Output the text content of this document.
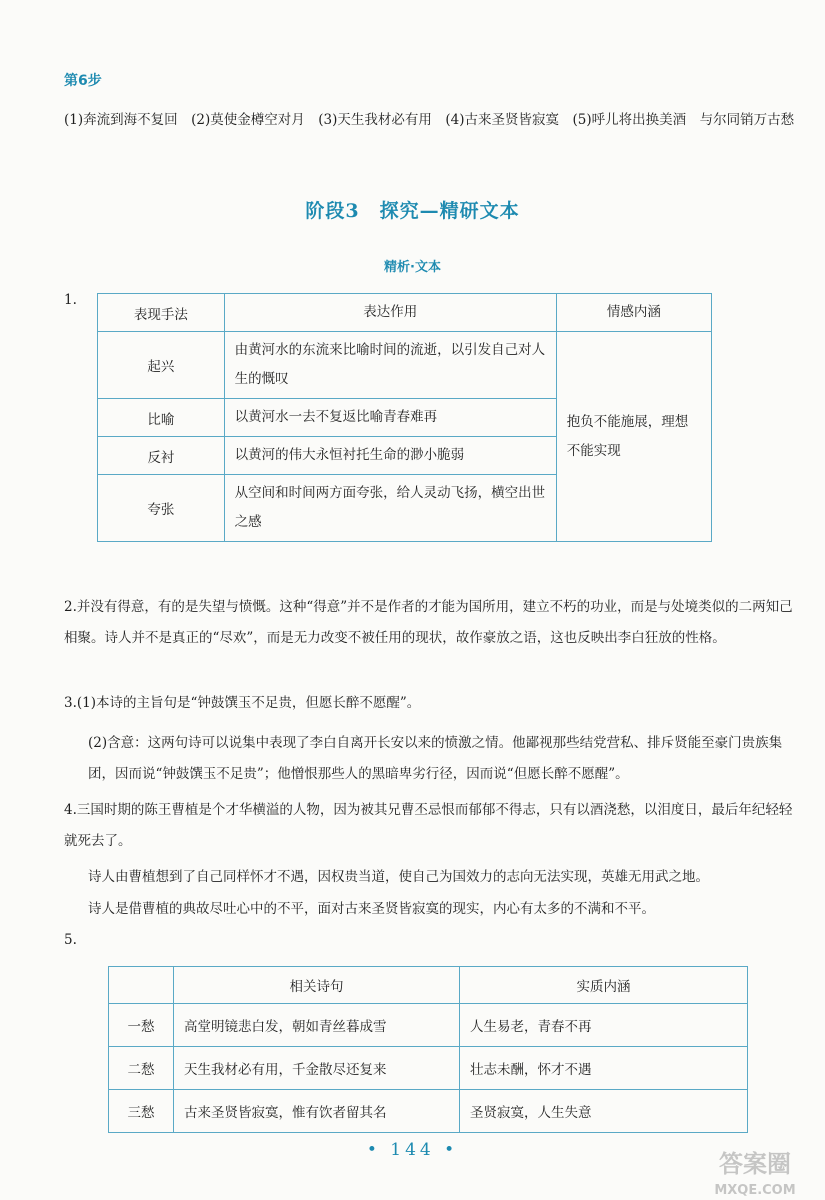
第6步
(1)奔流到海不复回　(2)莫使金樽空对月　(3)天生我材必有用　(4)古来圣贤皆寂寞　(5)呼儿将出换美酒　与尔同销万古愁
阶段3　探究—精研文本
精析·文本
1.
表现手法	表达作用	情感内涵
起兴	由黄河水的东流来比喻时间的流逝，以引发自己对人生的慨叹	抱负不能施展，理想不能实现
比喻	以黄河水一去不复返比喻青春难再	
反衬	以黄河的伟大永恒衬托生命的渺小脆弱	
夸张	从空间和时间两方面夸张，给人灵动飞扬，横空出世之感	
2.并没有得意，有的是失望与愤慨。这种“得意”并不是作者的才能为国所用，建立不朽的功业，而是与处境类似的二两知己相聚。诗人并不是真正的“尽欢”，而是无力改变不被任用的现状，故作豪放之语，这也反映出李白狂放的性格。
3.(1)本诗的主旨句是“钟鼓馔玉不足贵，但愿长醉不愿醒”。
(2)含意：这两句诗可以说集中表现了李白自离开长安以来的愤激之情。他鄙视那些结党营私、排斥贤能至豪门贵族集团，因而说“钟鼓馔玉不足贵”；他憎恨那些人的黑暗卑劣行径，因而说“但愿长醉不愿醒”。
4.三国时期的陈王曹植是个才华横溢的人物，因为被其兄曹丕忌恨而郁郁不得志，只有以酒浇愁，以泪度日，最后年纪轻轻就死去了。
诗人由曹植想到了自己同样怀才不遇，因权贵当道，使自己为国效力的志向无法实现，英雄无用武之地。
诗人是借曹植的典故尽吐心中的不平，面对古来圣贤皆寂寞的现实，内心有太多的不满和不平。
5.
	相关诗句	实质内涵
一愁	高堂明镜悲白发，朝如青丝暮成雪	人生易老，青春不再
二愁	天生我材必有用，千金散尽还复来	壮志未酬，怀才不遇
三愁	古来圣贤皆寂寞，惟有饮者留其名	圣贤寂寞，人生失意
• 144 •	答案圈
MXQE.COM
